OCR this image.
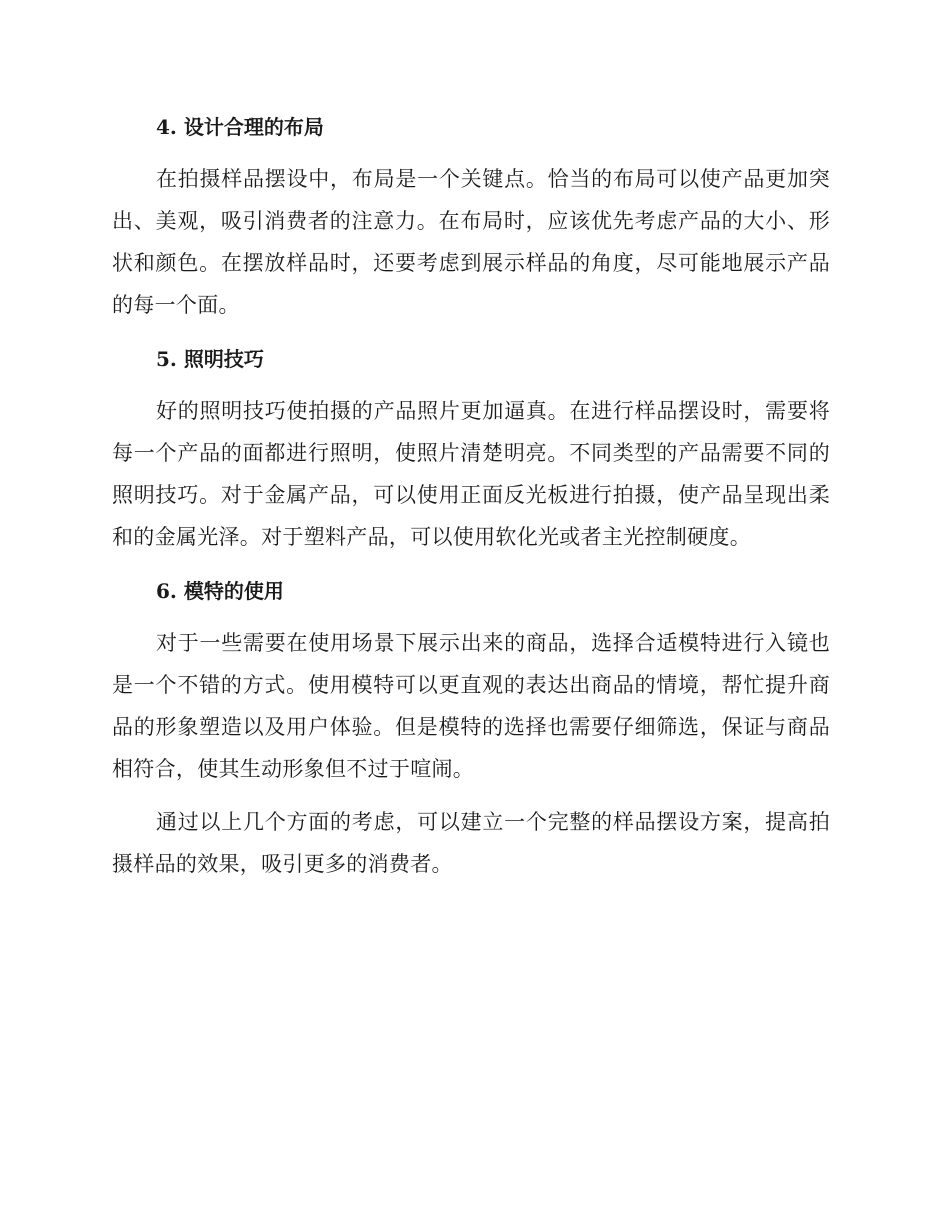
4. 设计合理的布局

在拍摄样品摆设中，布局是一个关键点。恰当的布局可以使产品更加突出、美观，吸引消费者的注意力。在布局时，应该优先考虑产品的大小、形状和颜色。在摆放样品时，还要考虑到展示样品的角度，尽可能地展示产品的每一个面。

5. 照明技巧

好的照明技巧使拍摄的产品照片更加逼真。在进行样品摆设时，需要将每一个产品的面都进行照明，使照片清楚明亮。不同类型的产品需要不同的照明技巧。对于金属产品，可以使用正面反光板进行拍摄，使产品呈现出柔和的金属光泽。对于塑料产品，可以使用软化光或者主光控制硬度。

6. 模特的使用

对于一些需要在使用场景下展示出来的商品，选择合适模特进行入镜也是一个不错的方式。使用模特可以更直观的表达出商品的情境，帮忙提升商品的形象塑造以及用户体验。但是模特的选择也需要仔细筛选，保证与商品相符合，使其生动形象但不过于喧闹。

通过以上几个方面的考虑，可以建立一个完整的样品摆设方案，提高拍摄样品的效果，吸引更多的消费者。
